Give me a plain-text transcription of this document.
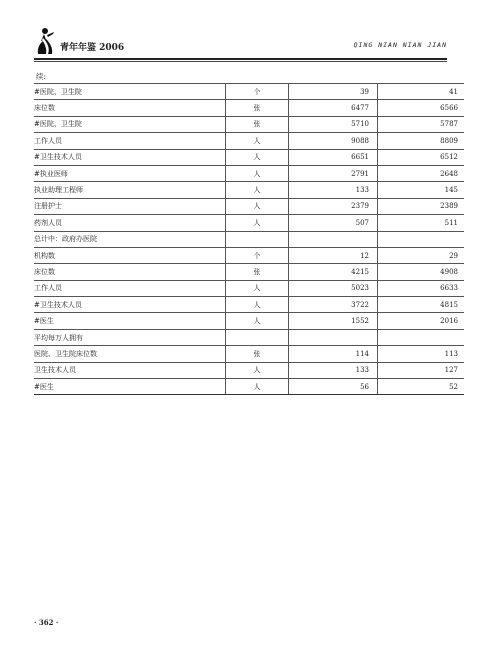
青年年鉴 2006	QING NIAN NIAN JIAN
续:
#医院、卫生院	个	39	41
床位数	张	6477	6566
#医院、卫生院	张	5710	5787
工作人员	人	9088	8809
#卫生技术人员	人	6651	6512
#执业医师	人	2791	2648
执业助理工程师	人	133	145
注册护士	人	2379	2389
药剂人员	人	507	511
总计中：政府办医院			
机构数	个	12	29
床位数	张	4215	4908
工作人员	人	5023	6633
#卫生技术人员	人	3722	4815
#医生	人	1552	2016
平均每万人拥有			
医院、卫生院床位数	张	114	113
卫生技术人员	人	133	127
#医生	人	56	52
· 362 ·
